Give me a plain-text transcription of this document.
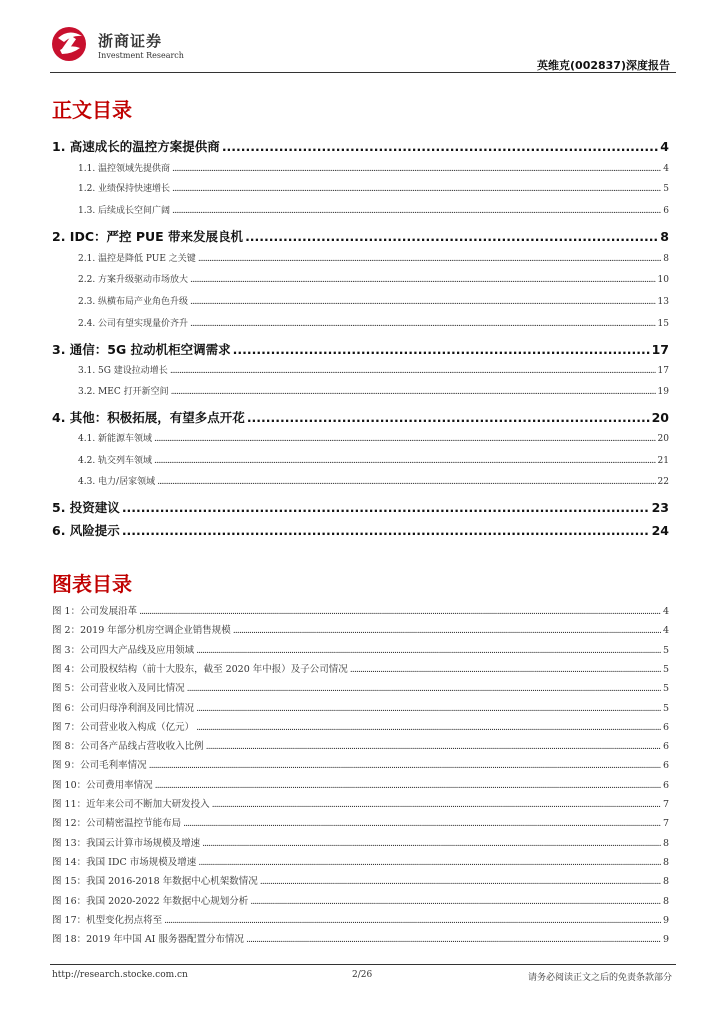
浙商证券
Investment Research
英维克(002837)深度报告
正文目录
1. 高速成长的温控方案提供商 .....	4
1.1. 温控领域先提供商 .....	4
1.2. 业绩保持快速增长 .....	5
1.3. 后续成长空间广阔 .....	6
2. IDC：严控 PUE 带来发展良机 .....	8
2.1. 温控是降低 PUE 之关键 .....	8
2.2. 方案升级驱动市场放大 .....	10
2.3. 纵横布局产业角色升级 .....	13
2.4. 公司有望实现量价齐升 .....	15
3. 通信：5G 拉动机柜空调需求 .....	17
3.1. 5G 建设拉动增长 .....	17
3.2. MEC 打开新空间 .....	19
4. 其他：积极拓展，有望多点开花 .....	20
4.1. 新能源车领域 .....	20
4.2. 轨交列车领域 .....	21
4.3. 电力/居家领域 .....	22
5. 投资建议 .....	23
6. 风险提示 .....	24
图表目录
图 1：公司发展沿革 .....	4
图 2：2019 年部分机房空调企业销售规模 .....	4
图 3：公司四大产品线及应用领域 .....	5
图 4：公司股权结构（前十大股东，截至 2020 年中报）及子公司情况 .....	5
图 5：公司营业收入及同比情况 .....	5
图 6：公司归母净利润及同比情况 .....	5
图 7：公司营业收入构成（亿元） .....	6
图 8：公司各产品线占营收收入比例 .....	6
图 9：公司毛利率情况 .....	6
图 10：公司费用率情况 .....	6
图 11：近年来公司不断加大研发投入 .....	7
图 12：公司精密温控节能布局 .....	7
图 13：我国云计算市场规模及增速 .....	8
图 14：我国 IDC 市场规模及增速 .....	8
图 15：我国 2016-2018 年数据中心机架数情况 .....	8
图 16：我国 2020-2022 年数据中心规划分析 .....	8
图 17：机型变化拐点将至 .....	9
图 18：2019 年中国 AI 服务器配置分布情况 .....	9
http://research.stocke.com.cn	2/26	请务必阅读正文之后的免责条款部分
